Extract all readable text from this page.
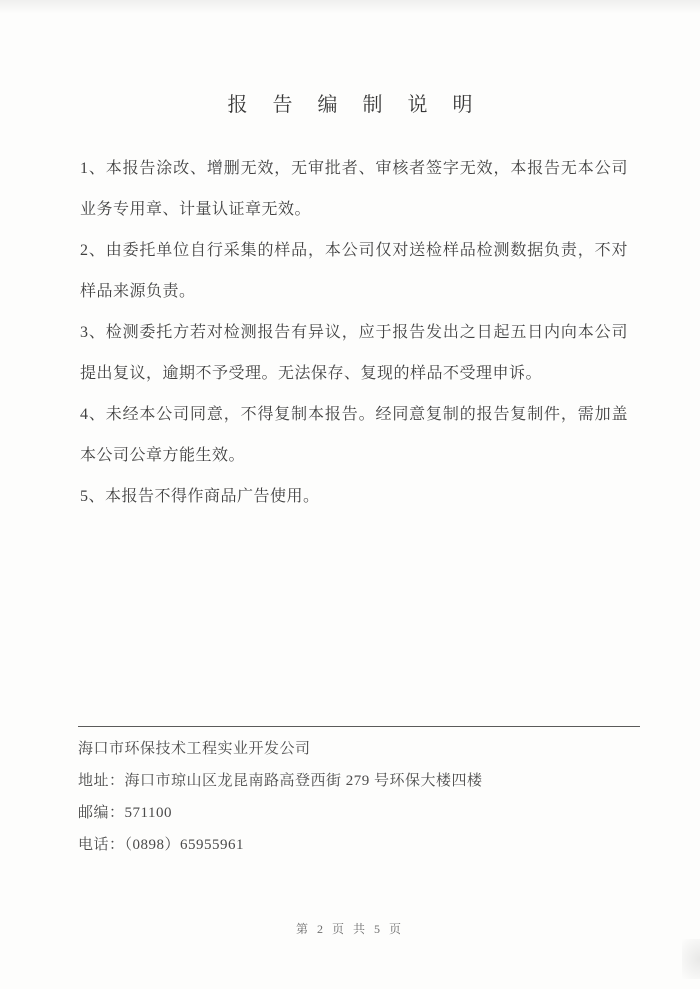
报 告 编 制 说 明

1、本报告涂改、增删无效，无审批者、审核者签字无效，本报告无本公司业务专用章、计量认证章无效。

2、由委托单位自行采集的样品，本公司仅对送检样品检测数据负责，不对样品来源负责。

3、检测委托方若对检测报告有异议，应于报告发出之日起五日内向本公司提出复议，逾期不予受理。无法保存、复现的样品不受理申诉。

4、未经本公司同意，不得复制本报告。经同意复制的报告复制件，需加盖本公司公章方能生效。

5、本报告不得作商品广告使用。

海口市环保技术工程实业开发公司

地址：海口市琼山区龙昆南路高登西街 279 号环保大楼四楼

邮编：571100

电话：（0898）65955961

第 2 页 共 5 页
